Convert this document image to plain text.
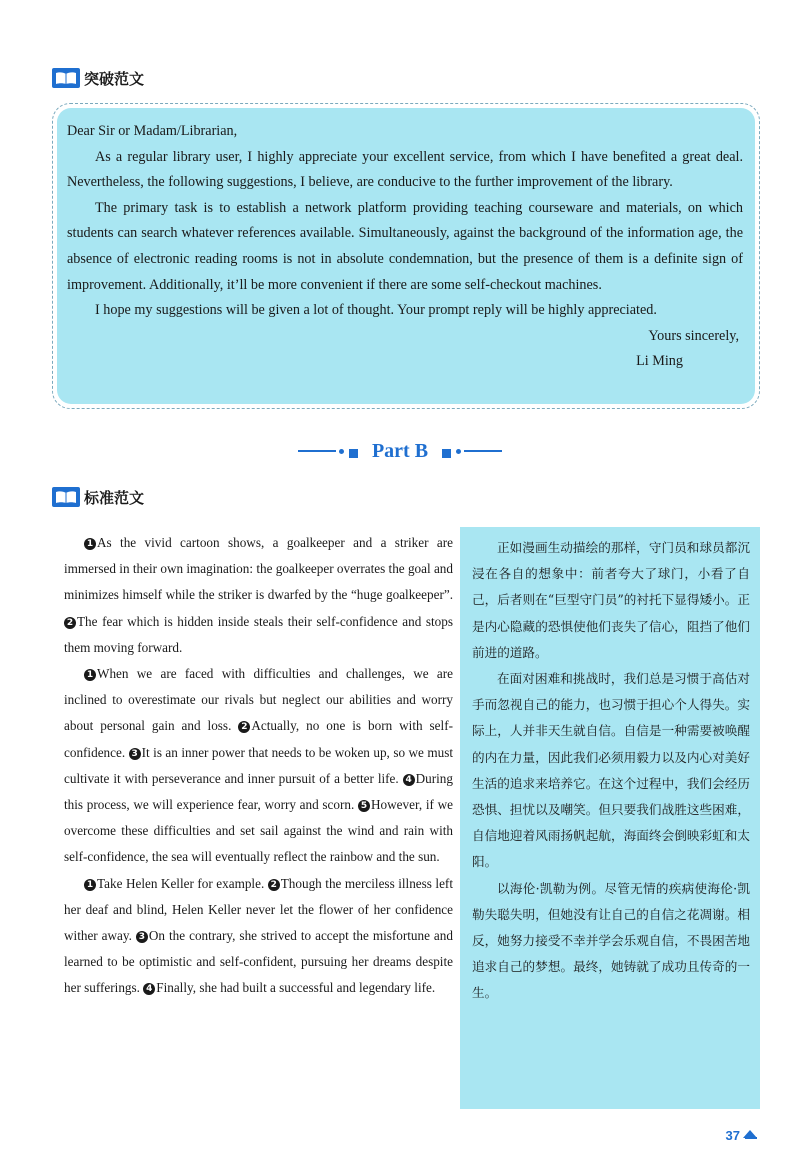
突破范文

Dear Sir or Madam/Librarian,

As a regular library user, I highly appreciate your excellent service, from which I have benefited a great deal. Nevertheless, the following suggestions, I believe, are conducive to the further improvement of the library.

The primary task is to establish a network platform providing teaching courseware and materials, on which students can search whatever references available. Simultaneously, against the background of the information age, the absence of electronic reading rooms is not in absolute condemnation, but the presence of them is a definite sign of improvement. Additionally, it’ll be more convenient if there are some self-checkout machines.

I hope my suggestions will be given a lot of thought. Your prompt reply will be highly appreciated.

Yours sincerely,

Li Ming

Part B
标准范文

1 As the vivid cartoon shows, a goalkeeper and a striker are immersed in their own imagination: the goalkeeper overrates the goal and minimizes himself while the striker is dwarfed by the “huge goalkeeper”. 2 The fear which is hidden inside steals their self-confidence and stops them moving forward.

1 When we are faced with difficulties and challenges, we are inclined to overestimate our rivals but neglect our abilities and worry about personal gain and loss. 2 Actually, no one is born with self-confidence. 3 It is an inner power that needs to be woken up, so we must cultivate it with perseverance and inner pursuit of a better life. 4 During this process, we will experience fear, worry and scorn. 5 However, if we overcome these difficulties and set sail against the wind and rain with self-confidence, the sea will eventually reflect the rainbow and the sun.

1 Take Helen Keller for example. 2 Though the merciless illness left her deaf and blind, Helen Keller never let the flower of her confidence wither away. 3 On the contrary, she strived to accept the misfortune and learned to be optimistic and self-confident, pursuing her dreams despite her sufferings. 4 Finally, she had built a successful and legendary life.

正如漫画生动描绘的那样，守门员和球员都沉浸在各自的想象中：前者夸大了球门，小看了自己，后者则在“巨型守门员”的衬托下显得矮小。正是内心隐藏的恐惧使他们丧失了信心，阻挡了他们前进的道路。

在面对困难和挑战时，我们总是习惯于高估对手而忽视自己的能力，也习惯于担心个人得失。实际上，人并非天生就自信。自信是一种需要被唤醒的内在力量，因此我们必须用毅力以及内心对美好生活的追求来培养它。在这个过程中，我们会经历恐惧、担忧以及嘲笑。但只要我们战胜这些困难，自信地迎着风雨扬帆起航，海面终会倒映彩虹和太阳。

以海伦·凯勒为例。尽管无情的疾病使海伦·凯勒失聪失明，但她没有让自己的自信之花凋谢。相反，她努力接受不幸并学会乐观自信，不畏困苦地追求自己的梦想。最终，她铸就了成功且传奇的一生。

37
